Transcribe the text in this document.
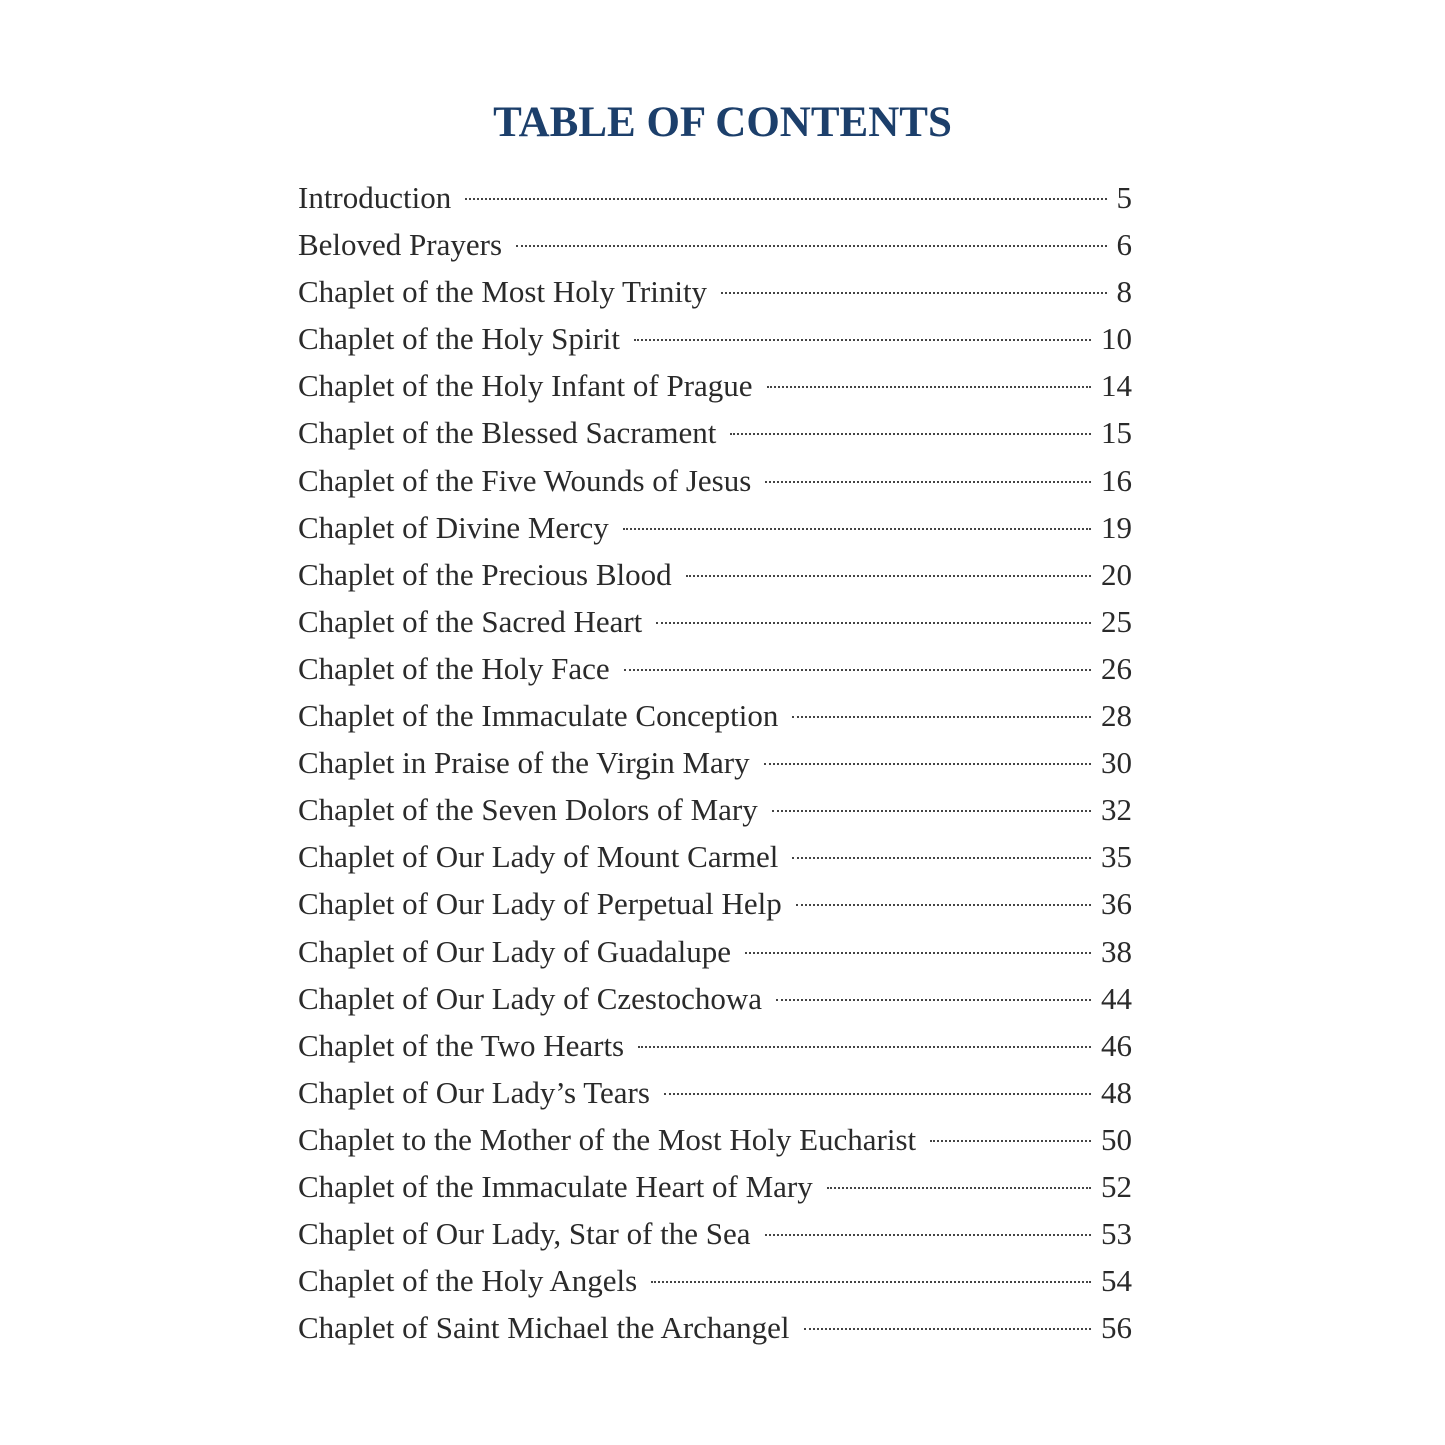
TABLE OF CONTENTS
Introduction	5
Beloved Prayers	6
Chaplet of the Most Holy Trinity	8
Chaplet of the Holy Spirit	10
Chaplet of the Holy Infant of Prague	14
Chaplet of the Blessed Sacrament	15
Chaplet of the Five Wounds of Jesus	16
Chaplet of Divine Mercy	19
Chaplet of the Precious Blood	20
Chaplet of the Sacred Heart	25
Chaplet of the Holy Face	26
Chaplet of the Immaculate Conception	28
Chaplet in Praise of the Virgin Mary	30
Chaplet of the Seven Dolors of Mary	32
Chaplet of Our Lady of Mount Carmel	35
Chaplet of Our Lady of Perpetual Help	36
Chaplet of Our Lady of Guadalupe	38
Chaplet of Our Lady of Czestochowa	44
Chaplet of the Two Hearts	46
Chaplet of Our Lady’s Tears	48
Chaplet to the Mother of the Most Holy Eucharist	50
Chaplet of the Immaculate Heart of Mary	52
Chaplet of Our Lady, Star of the Sea	53
Chaplet of the Holy Angels	54
Chaplet of Saint Michael the Archangel	56
